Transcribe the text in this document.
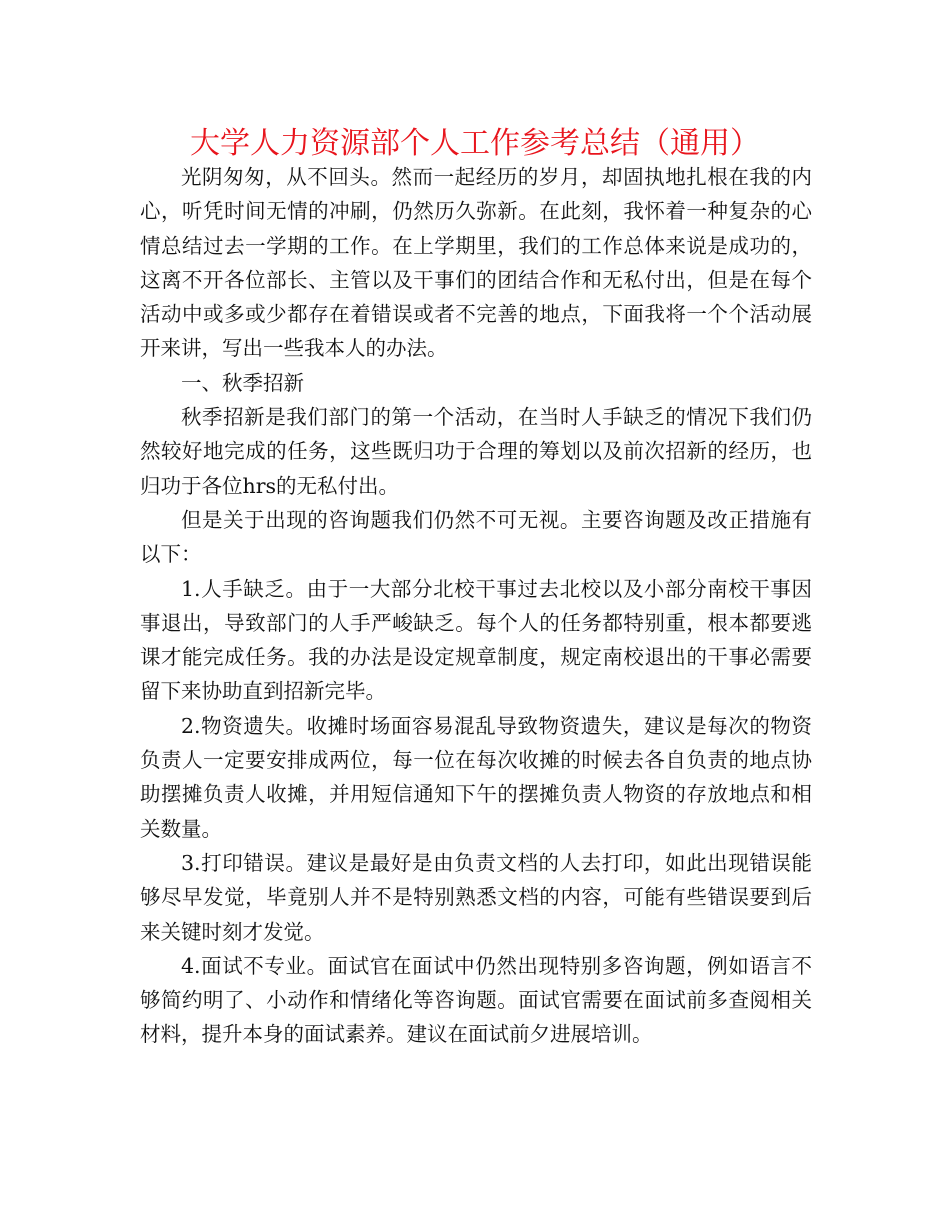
大学人力资源部个人工作参考总结（通用）

光阴匆匆，从不回头。然而一起经历的岁月，却固执地扎根在我的内心，听凭时间无情的冲刷，仍然历久弥新。在此刻，我怀着一种复杂的心情总结过去一学期的工作。在上学期里，我们的工作总体来说是成功的，这离不开各位部长、主管以及干事们的团结合作和无私付出，但是在每个活动中或多或少都存在着错误或者不完善的地点，下面我将一个个活动展开来讲，写出一些我本人的办法。

一、秋季招新

秋季招新是我们部门的第一个活动，在当时人手缺乏的情况下我们仍然较好地完成的任务，这些既归功于合理的筹划以及前次招新的经历，也归功于各位hrs的无私付出。

但是关于出现的咨询题我们仍然不可无视。主要咨询题及改正措施有以下：

1.人手缺乏。由于一大部分北校干事过去北校以及小部分南校干事因事退出，导致部门的人手严峻缺乏。每个人的任务都特别重，根本都要逃课才能完成任务。我的办法是设定规章制度，规定南校退出的干事必需要留下来协助直到招新完毕。

2.物资遗失。收摊时场面容易混乱导致物资遗失，建议是每次的物资负责人一定要安排成两位，每一位在每次收摊的时候去各自负责的地点协助摆摊负责人收摊，并用短信通知下午的摆摊负责人物资的存放地点和相关数量。

3.打印错误。建议是最好是由负责文档的人去打印，如此出现错误能够尽早发觉，毕竟别人并不是特别熟悉文档的内容，可能有些错误要到后来关键时刻才发觉。

4.面试不专业。面试官在面试中仍然出现特别多咨询题，例如语言不够简约明了、小动作和情绪化等咨询题。面试官需要在面试前多查阅相关材料，提升本身的面试素养。建议在面试前夕进展培训。
